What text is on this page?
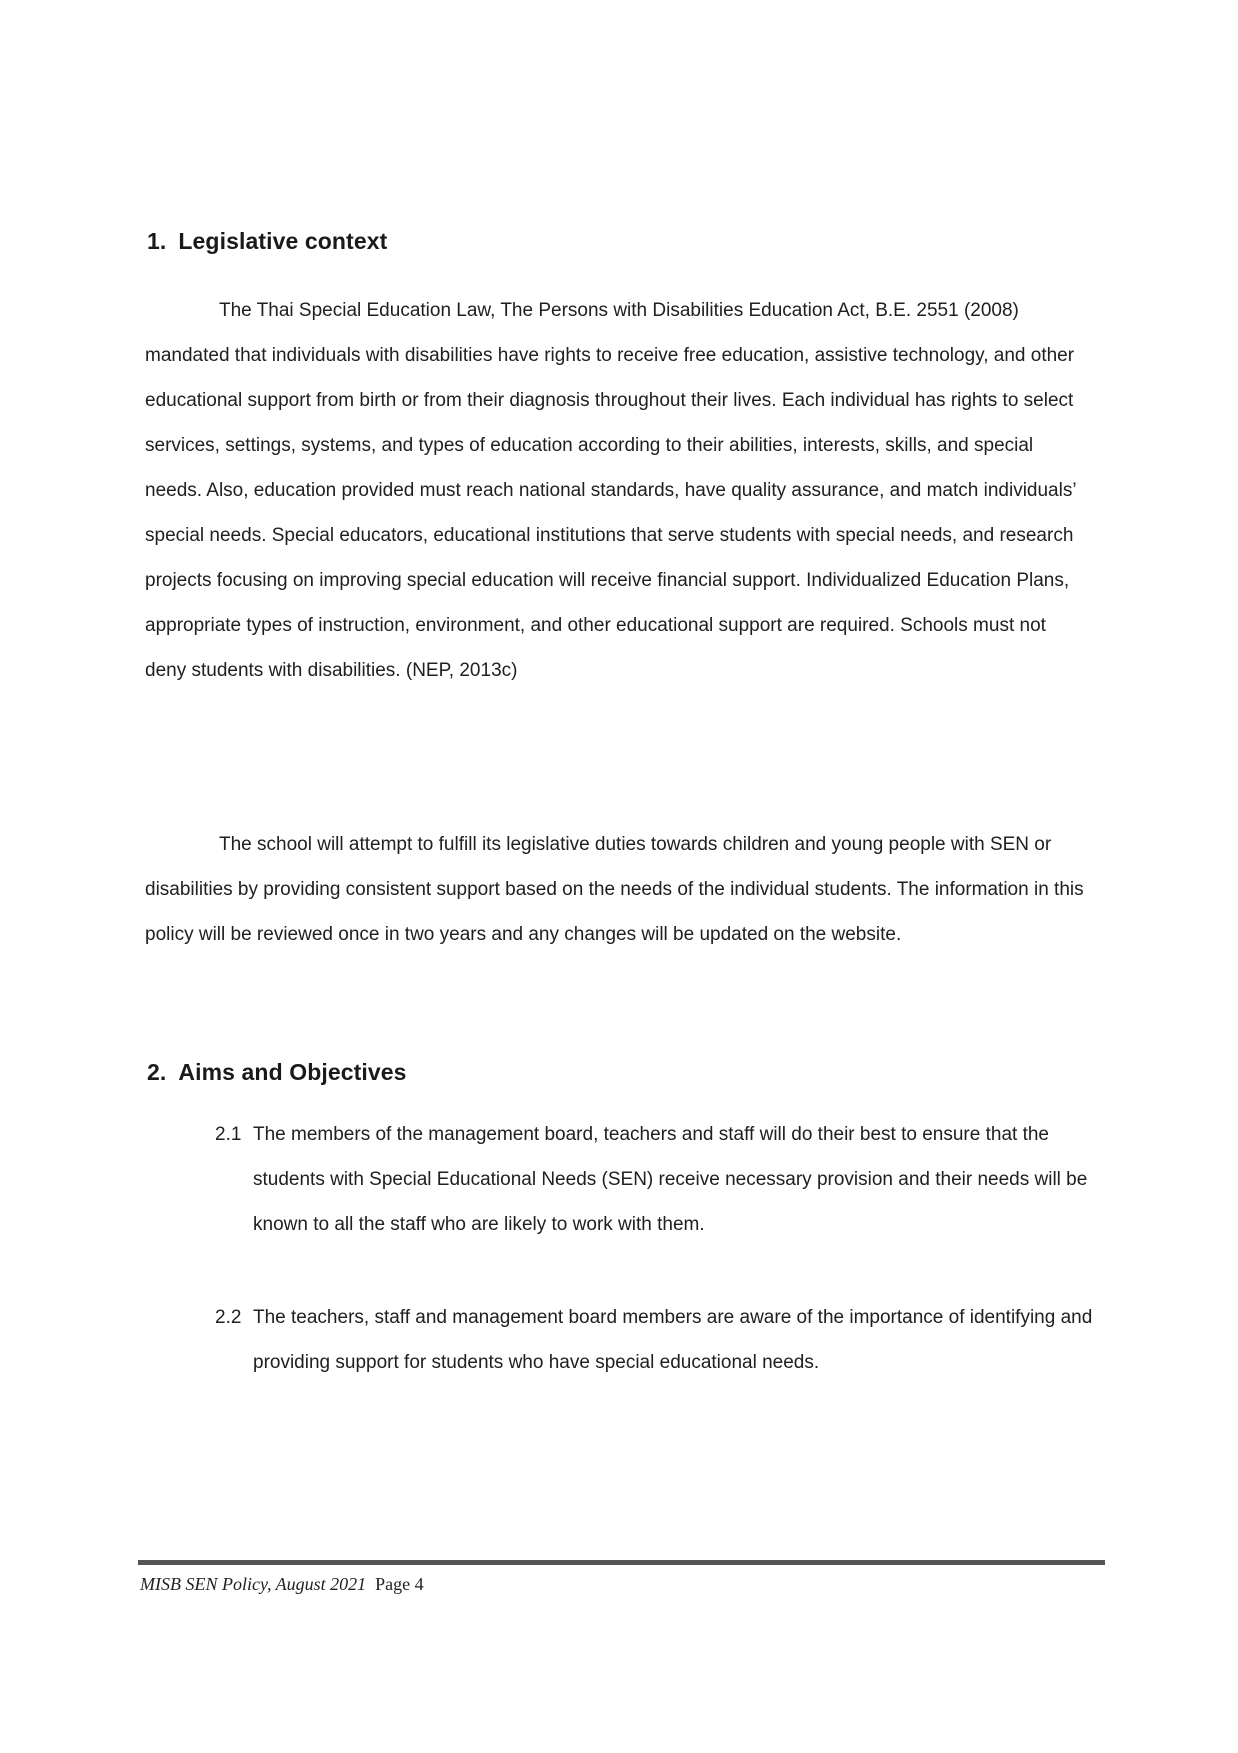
1. Legislative context

The Thai Special Education Law, The Persons with Disabilities Education Act, B.E. 2551 (2008) mandated that individuals with disabilities have rights to receive free education, assistive technology, and other educational support from birth or from their diagnosis throughout their lives. Each individual has rights to select services, settings, systems, and types of education according to their abilities, interests, skills, and special needs. Also, education provided must reach national standards, have quality assurance, and match individuals’ special needs. Special educators, educational institutions that serve students with special needs, and research projects focusing on improving special education will receive financial support. Individualized Education Plans, appropriate types of instruction, environment, and other educational support are required. Schools must not deny students with disabilities. (NEP, 2013c)

The school will attempt to fulfill its legislative duties towards children and young people with SEN or disabilities by providing consistent support based on the needs of the individual students. The information in this policy will be reviewed once in two years and any changes will be updated on the website.

2. Aims and Objectives

2.1 The members of the management board, teachers and staff will do their best to ensure that the students with Special Educational Needs (SEN) receive necessary provision and their needs will be known to all the staff who are likely to work with them.

2.2 The teachers, staff and management board members are aware of the importance of identifying and providing support for students who have special educational needs.

MISB SEN Policy, August 2021 Page 4
